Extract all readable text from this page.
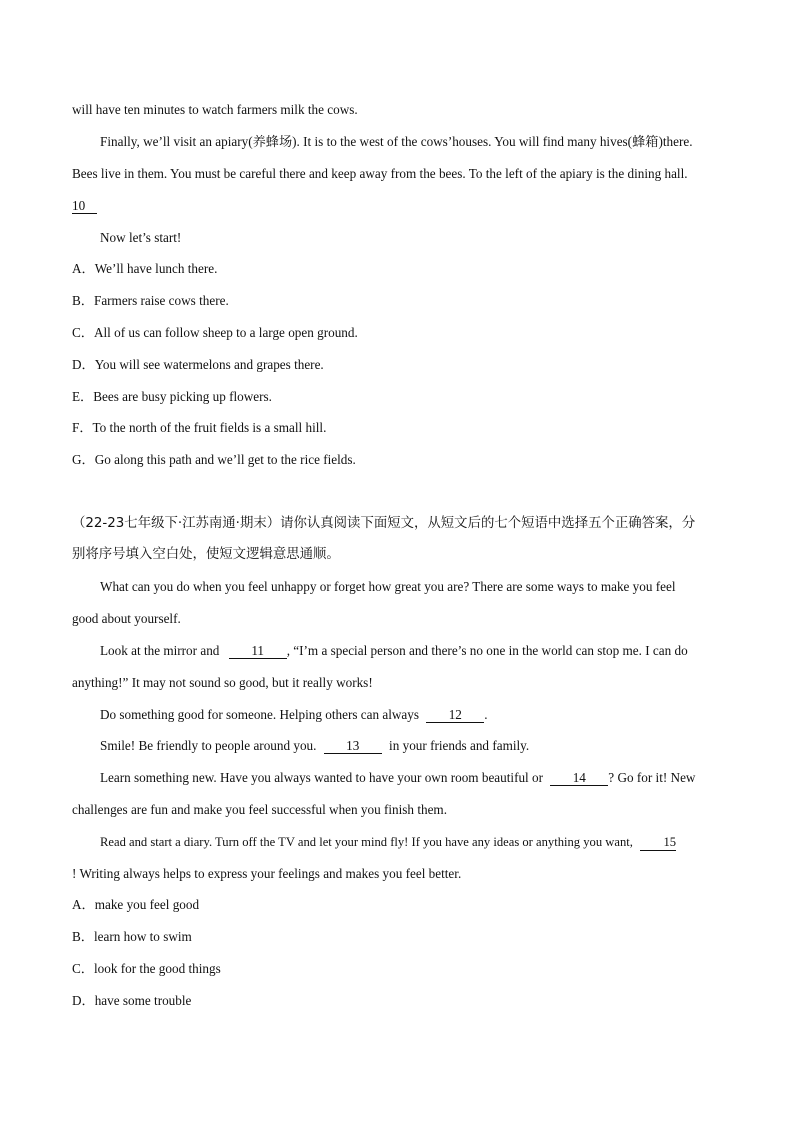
will have ten minutes to watch farmers milk the cows.
Finally, we’ll visit an apiary(养蜂场). It is to the west of the cows’houses. You will find many hives(蜂箱)there.
Bees live in them. You must be careful there and keep away from the bees. To the left of the apiary is the dining hall.
10
Now let’s start!
A．We’ll have lunch there.
B．Farmers raise cows there.
C．All of us can follow sheep to a large open ground.
D．You will see watermelons and grapes there.
E．Bees are busy picking up flowers.
F．To the north of the fruit fields is a small hill.
G．Go along this path and we’ll get to the rice fields.
（22-23七年级下·江苏南通·期末）请你认真阅读下面短文，从短文后的七个短语中选择五个正确答案，分
别将序号填入空白处，使短文逻辑意思通顺。
What can you do when you feel unhappy or forget how great you are? There are some ways to make you feel
good about yourself.
Look at the mirror and 11 , “I’m a special person and there’s no one in the world can stop me. I can do
anything!” It may not sound so good, but it really works!
Do something good for someone. Helping others can always 12 .
Smile! Be friendly to people around you. 13 in your friends and family.
Learn something new. Have you always wanted to have your own room beautiful or 14 ? Go for it! New
challenges are fun and make you feel successful when you finish them.
Read and start a diary. Turn off the TV and let your mind fly! If you have any ideas or anything you want, 15
! Writing always helps to express your feelings and makes you feel better.
A．make you feel good
B．learn how to swim
C．look for the good things
D．have some trouble
